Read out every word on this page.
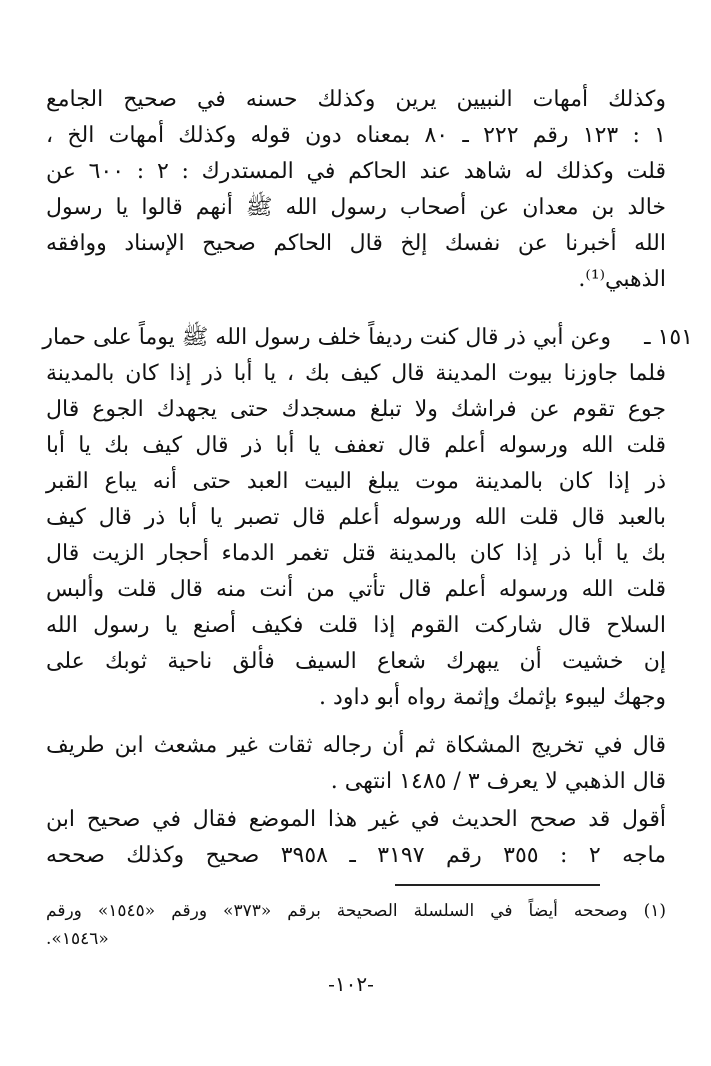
وكذلك أمهات النبيين يرين وكذلك حسنه في صحيح الجامع
١ : ١٢٣ رقم ٢٢٢ ـ ٨٠ بمعناه دون قوله وكذلك أمهات الخ ،
قلت وكذلك له شاهد عند الحاكم في المستدرك : ٢ : ٦٠٠ عن
خالد بن معدان عن أصحاب رسول الله ﷺ أنهم قالوا يا رسول
الله أخبرنا عن نفسك إلخ قال الحاكم صحيح الإسناد ووافقه
الذهبي⁽¹⁾.
١٥١ ـ
وعن أبي ذر قال كنت رديفاً خلف رسول الله ﷺ يوماً على حمار
فلما جاوزنا بيوت المدينة قال كيف بك ، يا أبا ذر إذا كان بالمدينة
جوع تقوم عن فراشك ولا تبلغ مسجدك حتى يجهدك الجوع قال
قلت الله ورسوله أعلم قال تعفف يا أبا ذر قال كيف بك يا أبا
ذر إذا كان بالمدينة موت يبلغ البيت العبد حتى أنه يباع القبر
بالعبد قال قلت الله ورسوله أعلم قال تصبر يا أبا ذر قال كيف
بك يا أبا ذر إذا كان بالمدينة قتل تغمر الدماء أحجار الزيت قال
قلت الله ورسوله أعلم قال تأتي من أنت منه قال قلت وألبس
السلاح قال شاركت القوم إذا قلت فكيف أصنع يا رسول الله
إن خشيت أن يبهرك شعاع السيف فألق ناحية ثوبك على
وجهك ليبوء بإثمك وإثمة رواه أبو داود .
قال في تخريج المشكاة ثم أن رجاله ثقات غير مشعث ابن طريف
قال الذهبي لا يعرف ٣ / ١٤٨٥ انتهى .
أقول قد صحح الحديث في غير هذا الموضع فقال في صحيح ابن
ماجه ٢ : ٣٥٥ رقم ٣١٩٧ ـ ٣٩٥٨ صحيح وكذلك صححه
(١) وصححه أيضاً في السلسلة الصحيحة برقم «٣٧٣» ورقم «١٥٤٥» ورقم
«١٥٤٦».
-١٠٢-
